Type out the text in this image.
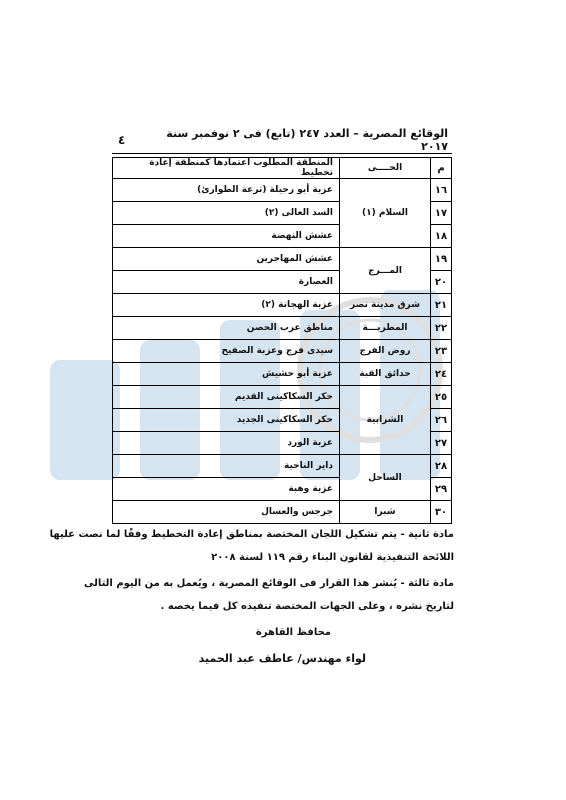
الوقائع المصرية – العدد ٢٤٧ (تابع) فى ٢ نوفمبر سنة ٢٠١٧
٤
م	الحــــى	المنطقة المطلوب اعتمادها كمنطقة إعادة تخطيط
١٦	السلام (١)	عزبة أبو رجيلة (ترعة الطوارئ)
١٧		السد العالى (٢)
١٨		عشش النهضة
١٩	المـــرج	عشش المهاجرين
٢٠		العصارة
٢١	شرق مدينة نصر	عزبة الهجانة (٢)
٢٢	المطريـــة	مناطق عرب الحصن
٢٣	روض الفرج	سيدى فرج وعزبة الصفيح
٢٤	حدائق القبة	عزبة أبو حشيش
٢٥	الشرابية	حكر السكاكينى القديم
٢٦		حكر السكاكينى الجديد
٢٧		عزبة الورد
٢٨	الساحل	داير الناحية
٢٩		عزبة وهبة
٣٠	شبرا	جرجس والعسال
مادة ثانية - يتم تشكيل اللجان المختصة بمناطق إعادة التخطيط وفقًا لما نصت عليها
اللائحة التنفيذية لقانون البناء رقم ١١٩ لسنة ٢٠٠٨
مادة ثالثة - يُنشر هذا القرار فى الوقائع المصرية ، ويُعمل به من اليوم التالى
لتاريخ نشره ، وعلى الجهات المختصة تنفيذه كل فيما يخصه .
محافظ القاهرة
لواء مهندس/ عاطف عبد الحميد
